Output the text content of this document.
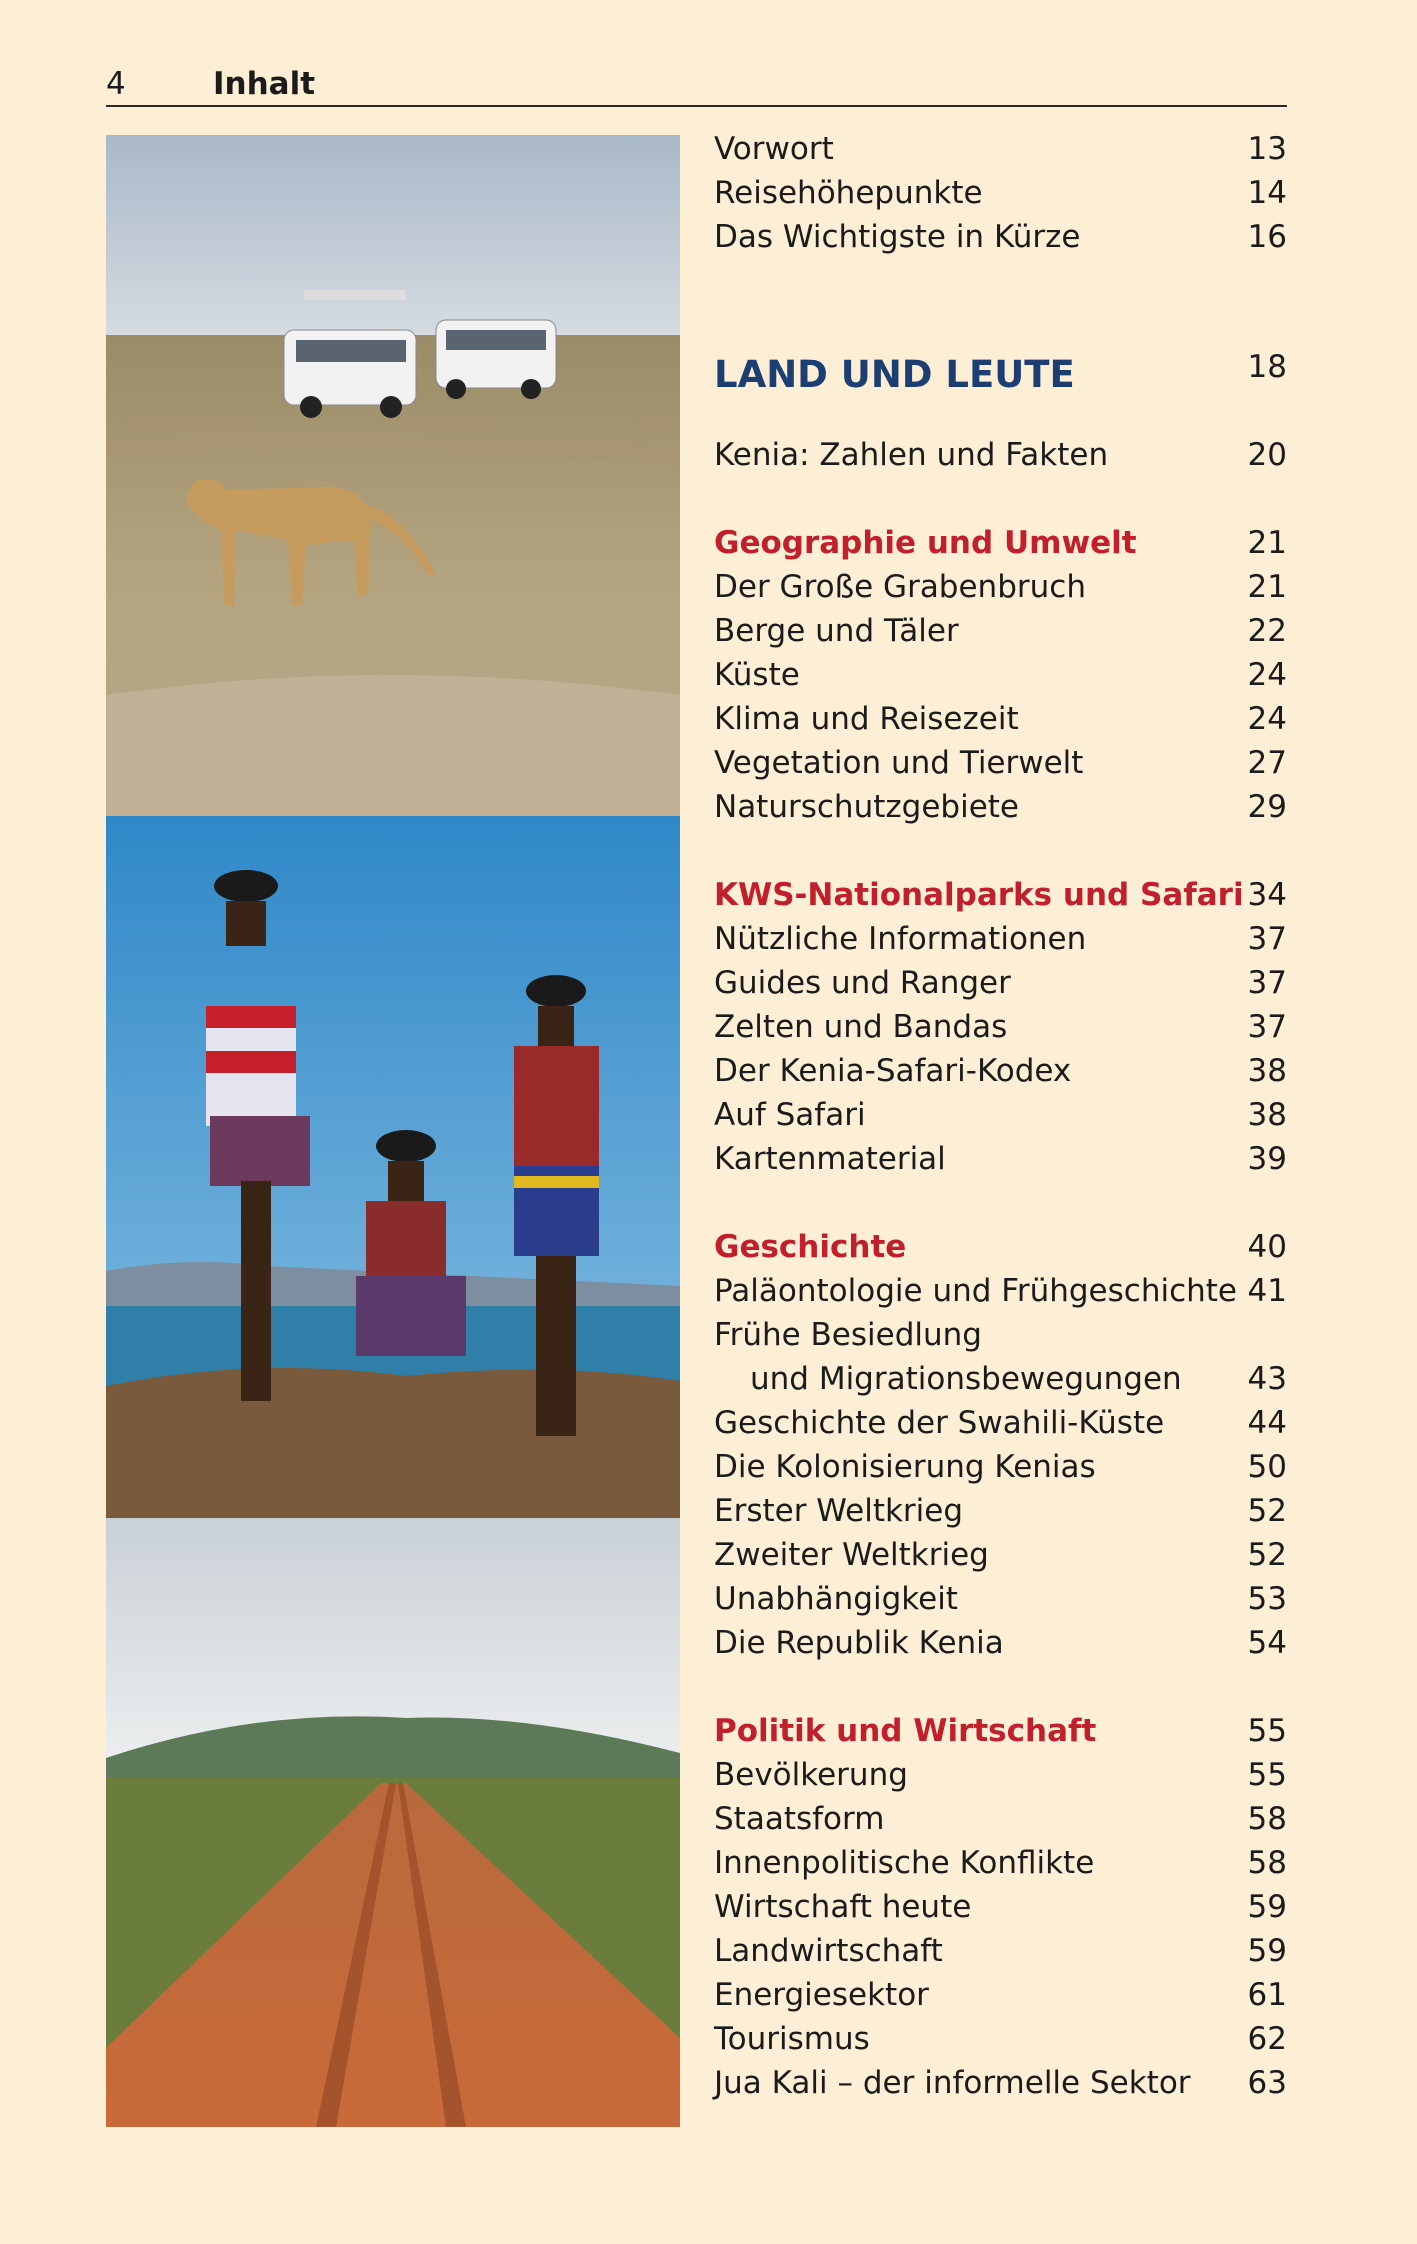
4	Inhalt
Vorwort	13
Reisehöhepunkte	14
Das Wichtigste in Kürze	16
LAND UND LEUTE	18
Kenia: Zahlen und Fakten	20
Geographie und Umwelt	21
Der Große Grabenbruch	21
Berge und Täler	22
Küste	24
Klima und Reisezeit	24
Vegetation und Tierwelt	27
Naturschutzgebiete	29
KWS-Nationalparks und Safari 34
Nützliche Informationen	37
Guides und Ranger	37
Zelten und Bandas	37
Der Kenia-Safari-Kodex	38
Auf Safari	38
Kartenmaterial	39
Geschichte	40
Paläontologie und Frühgeschichte 41
Frühe Besiedlung
und Migrationsbewegungen 43
Geschichte der Swahili-Küste	44
Die Kolonisierung Kenias	50
Erster Weltkrieg	52
Zweiter Weltkrieg	52
Unabhängigkeit	53
Die Republik Kenia	54
Politik und Wirtschaft	55
Bevölkerung	55
Staatsform	58
Innenpolitische Konflikte	58
Wirtschaft heute	59
Landwirtschaft	59
Energiesektor	61
Tourismus	62
Jua Kali – der informelle Sektor 63
